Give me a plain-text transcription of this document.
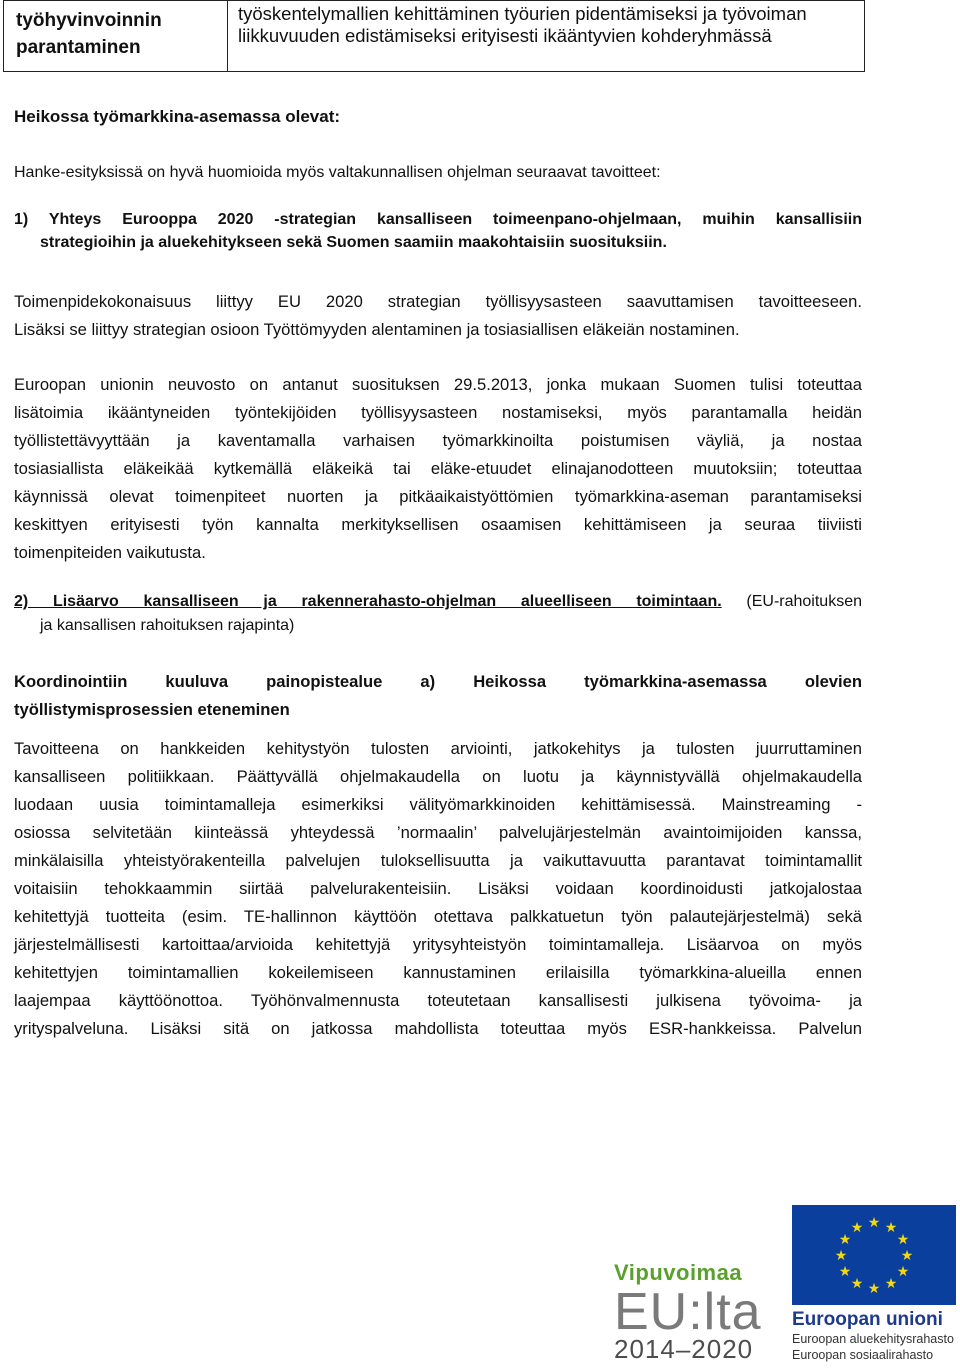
työhyvinvoinnin parantaminen
työskentelymallien kehittäminen työurien pidentämiseksi ja työvoiman liikkuvuuden edistämiseksi erityisesti ikääntyvien kohderyhmässä
Heikossa työmarkkina-asemassa olevat:
Hanke-esityksissä on hyvä huomioida myös valtakunnallisen ohjelman seuraavat tavoitteet:
1) Yhteys Eurooppa 2020 -strategian kansalliseen toimeenpano-ohjelmaan, muihin kansallisiin
strategioihin ja aluekehitykseen sekä Suomen saamiin maakohtaisiin suosituksiin.
Toimenpidekokonaisuus liittyy EU 2020 strategian työllisyysasteen saavuttamisen tavoitteeseen.
Lisäksi se liittyy strategian osioon Työttömyyden alentaminen ja tosiasiallisen eläkeiän nostaminen.
Euroopan unionin neuvosto on antanut suosituksen 29.5.2013, jonka mukaan Suomen tulisi toteuttaa
lisätoimia ikääntyneiden työntekijöiden työllisyysasteen nostamiseksi, myös parantamalla heidän
työllistettävyyttään ja kaventamalla varhaisen työmarkkinoilta poistumisen väyliä, ja nostaa
tosiasiallista eläkeikää kytkemällä eläkeikä tai eläke-etuudet elinajanodotteen muutoksiin; toteuttaa
käynnissä olevat toimenpiteet nuorten ja pitkäaikaistyöttömien työmarkkina-aseman parantamiseksi
keskittyen erityisesti työn kannalta merkityksellisen osaamisen kehittämiseen ja seuraa tiiviisti
toimenpiteiden vaikutusta.
2) Lisäarvo kansalliseen ja rakennerahasto-ohjelman alueelliseen toimintaan. (EU-rahoituksen
ja kansallisen rahoituksen rajapinta)
Koordinointiin kuuluva painopistealue a) Heikossa työmarkkina-asemassa olevien
työllistymisprosessien eteneminen
Tavoitteena on hankkeiden kehitystyön tulosten arviointi, jatkokehitys ja tulosten juurruttaminen
kansalliseen politiikkaan. Päättyvällä ohjelmakaudella on luotu ja käynnistyvällä ohjelmakaudella
luodaan uusia toimintamalleja esimerkiksi välityömarkkinoiden kehittämisessä. Mainstreaming -
osiossa selvitetään kiinteässä yhteydessä ’normaalin’ palvelujärjestelmän avaintoimijoiden kanssa,
minkälaisilla yhteistyörakenteilla palvelujen tuloksellisuutta ja vaikuttavuutta parantavat toimintamallit
voitaisiin tehokkaammin siirtää palvelurakenteisiin. Lisäksi voidaan koordinoidusti jatkojalostaa
kehitettyjä tuotteita (esim. TE-hallinnon käyttöön otettava palkkatuetun työn palautejärjestelmä) sekä
järjestelmällisesti kartoittaa/arvioida kehitettyjä yritysyhteistyön toimintamalleja. Lisäarvoa on myös
kehitettyjen toimintamallien kokeilemiseen kannustaminen erilaisilla työmarkkina-alueilla ennen
laajempaa käyttöönottoa. Työhönvalmennusta toteutetaan kansallisesti julkisena työvoima- ja
yrityspalveluna. Lisäksi sitä on jatkossa mahdollista toteuttaa myös ESR-hankkeissa. Palvelun
Vipuvoimaa
EU:lta
2014–2020
★ ★
★
★
★
★
★
★
★
★
★
★
Euroopan unioni
Euroopan aluekehitysrahasto
Euroopan sosiaalirahasto
